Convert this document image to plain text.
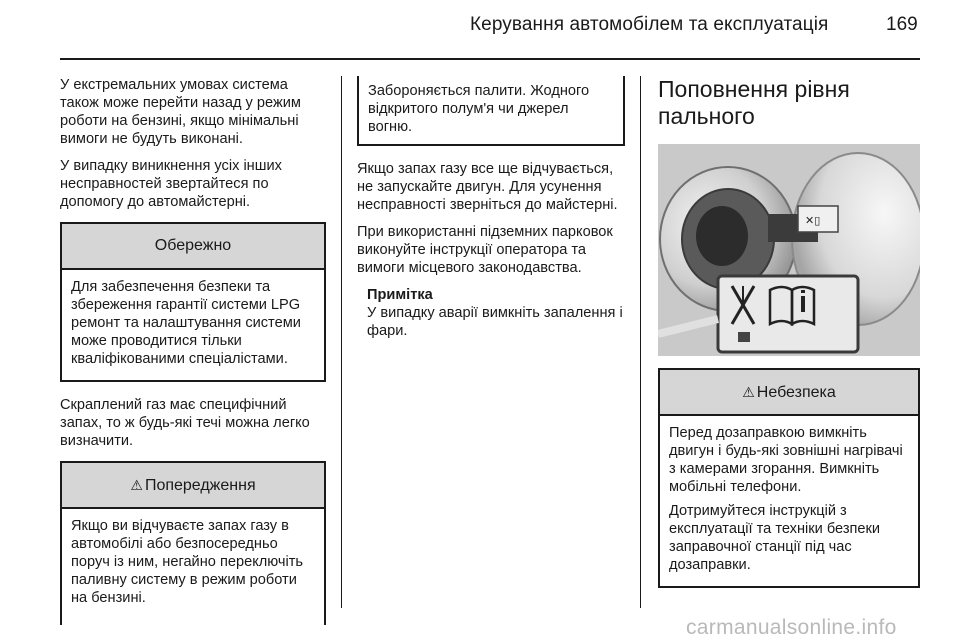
Керування автомобілем та експлуатація	169

У екстремальних умовах система також може перейти назад у режим роботи на бензині, якщо мінімальні вимоги не будуть виконані.

У випадку виникнення усіх інших несправностей звертайтеся по допомогу до автомайстерні.

Обережно

Для забезпечення безпеки та збереження гарантії системи LPG ремонт та налаштування системи може проводитися тільки кваліфікованими спеціалістами.

Скраплений газ має специфічний запах, то ж будь-які течі можна легко визначити.

⚠ Попередження

Якщо ви відчуваєте запах газу в автомобілі або безпосередньо поруч із ним, негайно переключіть паливну систему в режим роботи на бензині.

Забороняється палити. Жодного відкритого полум'я чи джерел вогню.

Якщо запах газу все ще відчувається, не запускайте двигун. Для усунення несправності зверніться до майстерні.

При використанні підземних парковок виконуйте інструкції оператора та вимоги місцевого законодавства.

Примітка
У випадку аварії вимкніть запалення і фари.
Поповнення рівня пального
✕▯
⚠ Небезпека

Перед дозаправкою вимкніть двигун і будь-які зовнішні нагрівачі з камерами згорання. Вимкніть мобільні телефони.

Дотримуйтеся інструкцій з експлуатації та техніки безпеки заправочної станції під час дозаправки.

carmanualsonline.info
